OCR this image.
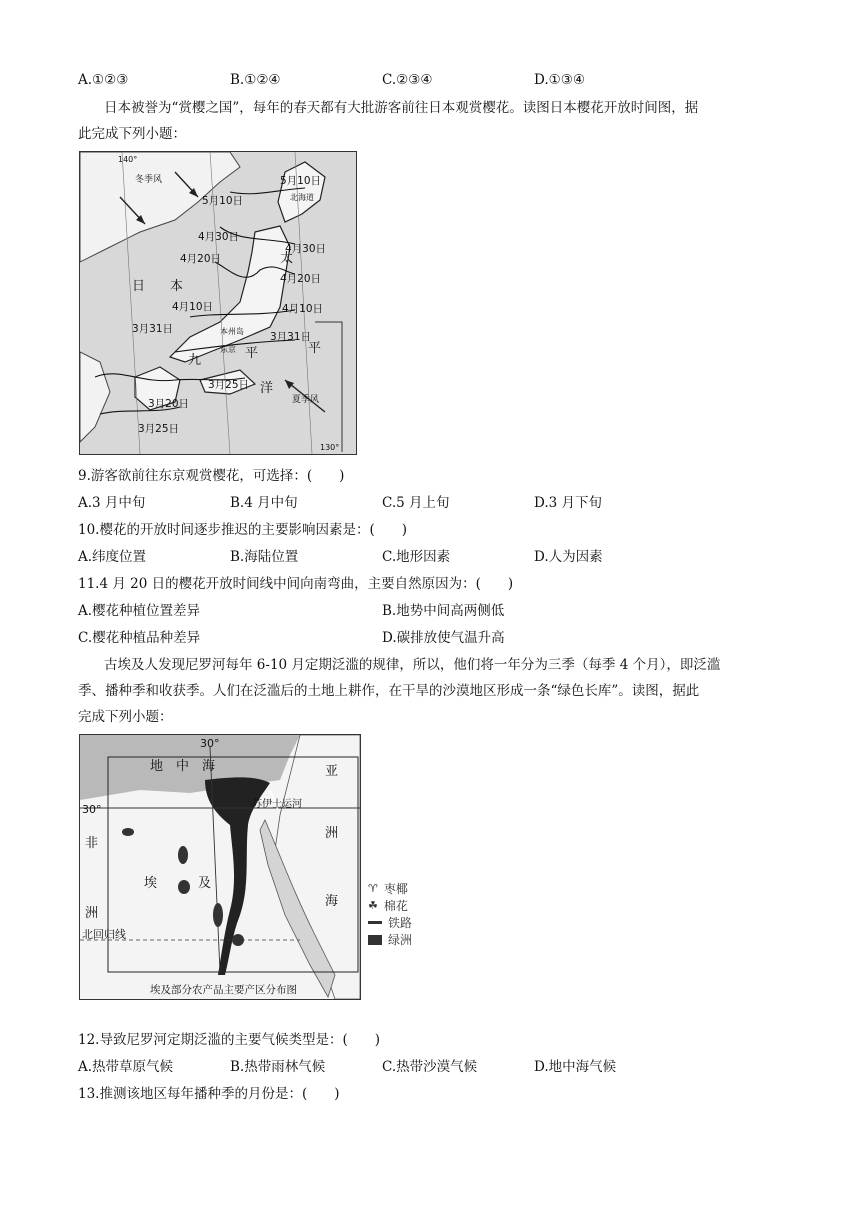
A.①②③	B.①②④	C.②③④	D.①③④
日本被誉为“赏樱之国”，每年的春天都有大批游客前往日本观赏樱花。读图日本樱花开放时间图，据
此完成下列小题：
冬季风
夏季风
140°
130°
北海道
本州岛
东京
日 本
太
平
洋
平
九
5月10日
5月10日
4月30日
4月30日
4月20日
4月20日
4月10日	4月10日
3月31日
3月31日
3月25日
3月25日
3月20日
9.游客欲前往东京观赏樱花，可选择：(　　)
A.3 月中旬	B.4 月中旬	C.5 月上旬	D.3 月下旬
10.樱花的开放时间逐步推迟的主要影响因素是：(　　)
A.纬度位置	B.海陆位置	C.地形因素	D.人为因素
11.4 月 20 日的樱花开放时间线中间向南弯曲，主要自然原因为：(　　)
A.樱花种植位置差异	B.地势中间高两侧低
C.樱花种植品种差异	D.碳排放使气温升高
古埃及人发现尼罗河每年 6-10 月定期泛滥的规律，所以，他们将一年分为三季（每季 4 个月），即泛滥
季、播种季和收获季。人们在泛滥后的土地上耕作，在干旱的沙漠地区形成一条“绿色长库”。读图，据此
完成下列小题：
30°
30°
地 中 海
苏伊士运河
亚
洲
非
洲
埃	及
海
北回归线
埃及部分农产品主要产区分布图
♈ 枣椰
☘ 棉花
铁路
绿洲
12.导致尼罗河定期泛滥的主要气候类型是：(　　)
A.热带草原气候	B.热带雨林气候	C.热带沙漠气候	D.地中海气候
13.推测该地区每年播种季的月份是：(　　)
